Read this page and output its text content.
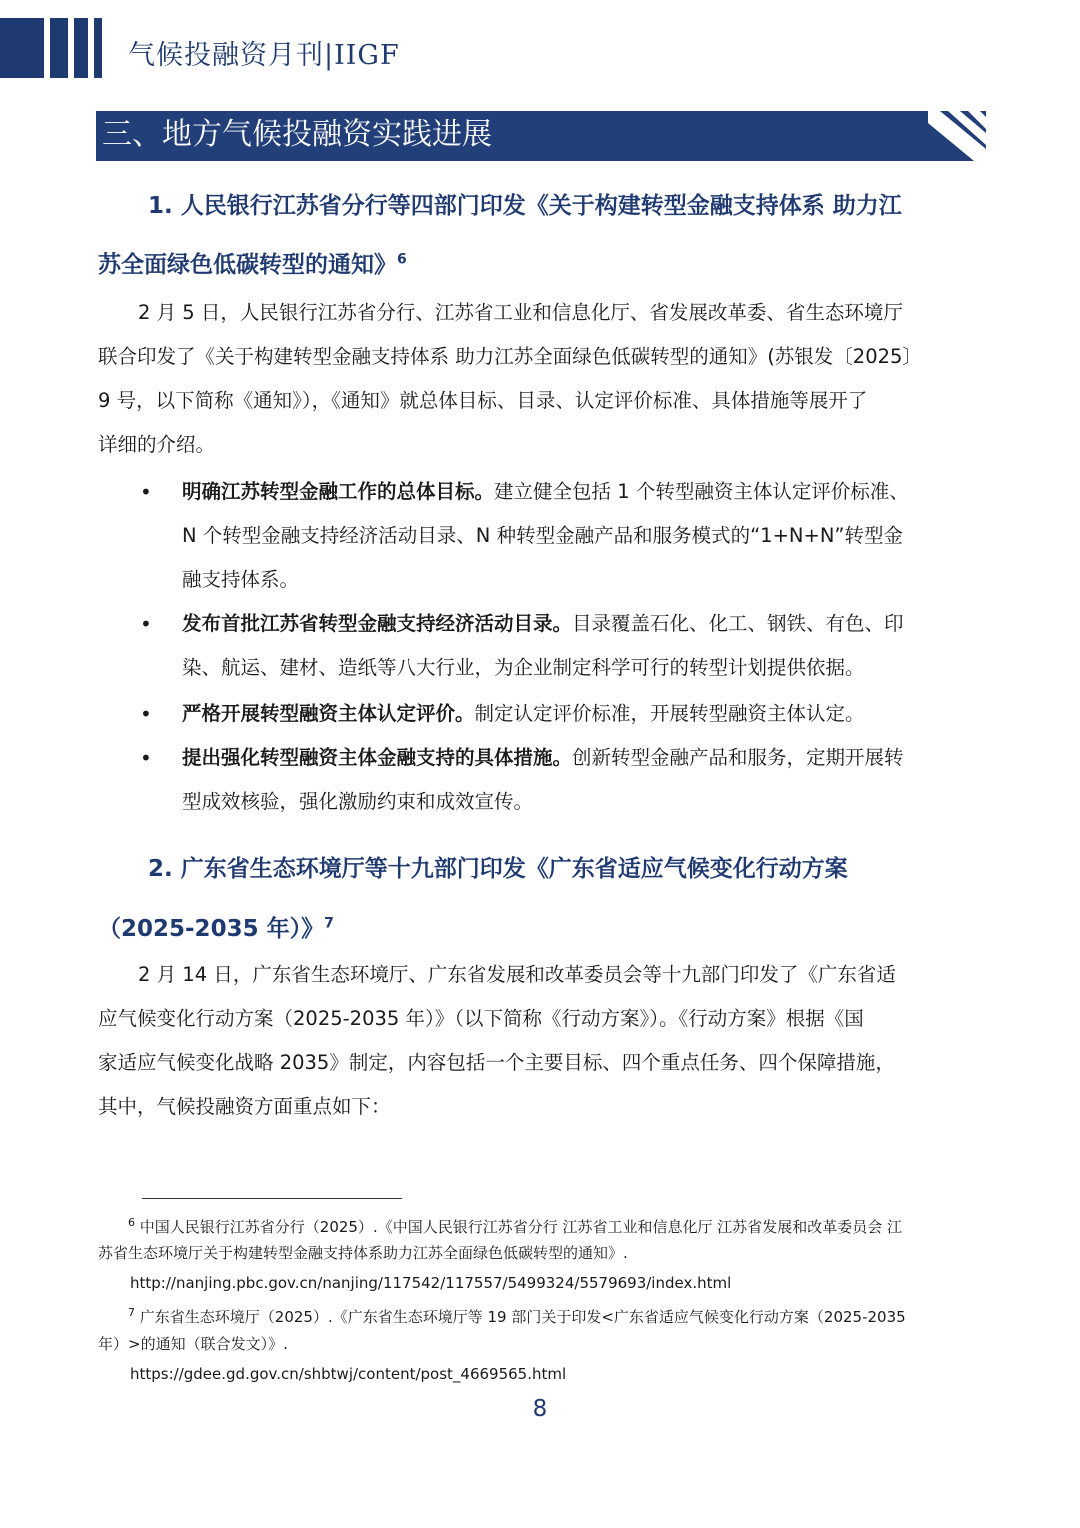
气候投融资月刊|IIGF
三、地方气候投融资实践进展
1. 人民银行江苏省分行等四部门印发《关于构建转型金融支持体系 助力江
苏全面绿色低碳转型的通知》$^6$
2 月 5 日，人民银行江苏省分行、江苏省工业和信息化厅、省发展改革委、省生态环境厅
联合印发了《关于构建转型金融支持体系 助力江苏全面绿色低碳转型的通知》(苏银发〔2025〕
9 号，以下简称《通知》），《通知》就总体目标、目录、认定评价标准、具体措施等展开了
详细的介绍。
• 明确江苏转型金融工作的总体目标。建立健全包括 1 个转型融资主体认定评价标准、
N 个转型金融支持经济活动目录、N 种转型金融产品和服务模式的“1+N+N”转型金
融支持体系。
• 发布首批江苏省转型金融支持经济活动目录。目录覆盖石化、化工、钢铁、有色、印
染、航运、建材、造纸等八大行业，为企业制定科学可行的转型计划提供依据。
• 严格开展转型融资主体认定评价。制定认定评价标准，开展转型融资主体认定。
• 提出强化转型融资主体金融支持的具体措施。创新转型金融产品和服务，定期开展转
型成效核验，强化激励约束和成效宣传。
2. 广东省生态环境厅等十九部门印发《广东省适应气候变化行动方案
（2025-2035 年）》$^7$
2 月 14 日，广东省生态环境厅、广东省发展和改革委员会等十九部门印发了《广东省适
应气候变化行动方案（2025-2035 年）》（以下简称《行动方案》）。《行动方案》根据《国
家适应气候变化战略 2035》制定，内容包括一个主要目标、四个重点任务、四个保障措施，
其中，气候投融资方面重点如下：
$^6$ 中国人民银行江苏省分行（2025）.《中国人民银行江苏省分行 江苏省工业和信息化厅 江苏省发展和改革委员会 江
苏省生态环境厅关于构建转型金融支持体系助力江苏全面绿色低碳转型的通知》.
http://nanjing.pbc.gov.cn/nanjing/117542/117557/5499324/5579693/index.html
$^7$ 广东省生态环境厅（2025）.《广东省生态环境厅等 19 部门关于印发<广东省适应气候变化行动方案（2025-2035
年）>的通知（联合发文）》.
https://gdee.gd.gov.cn/shbtwj/content/post_4669565.html
8
